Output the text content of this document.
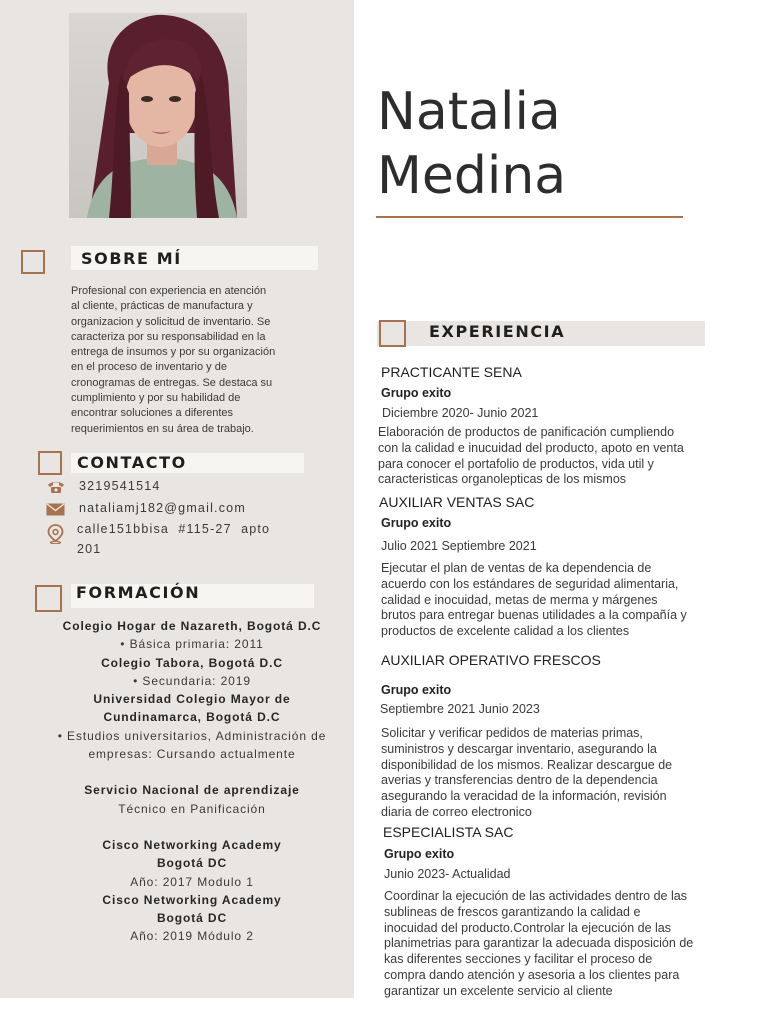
SOBRE MÍ
Profesional con experiencia en atención
al cliente, prácticas de manufactura y
organizacion y solicitud de inventario. Se
caracteriza por su responsabilidad en la
entrega de insumos y por su organización
en el proceso de inventario y de
cronogramas de entregas. Se destaca su
cumplimiento y por su habilidad de
encontrar soluciones a diferentes
requerimientos en su área de trabajo.
CONTACTO
3219541514
nataliamj182@gmail.com
calle151bbisa  #115-27  apto
201
FORMACIÓN
Colegio Hogar de Nazareth, Bogotá D.C
• Básica primaria: 2011
Colegio Tabora, Bogotá D.C
• Secundaria: 2019
Universidad Colegio Mayor de
Cundinamarca, Bogotá D.C
• Estudios universitarios, Administración de
empresas: Cursando actualmente
Servicio Nacional de aprendizaje
Técnico en Panificación
Cisco Networking Academy
Bogotá DC
Año: 2017 Modulo 1
Cisco Networking Academy
Bogotá DC
Año: 2019 Módulo 2
Natalia
Medina
EXPERIENCIA
PRACTICANTE SENA
Grupo exito
Diciembre 2020- Junio 2021
Elaboración de productos de panificación cumpliendo
con la calidad e inucuidad del producto, apoto en venta
para conocer el portafolio de productos, vida util y
caracteristicas organolepticas de los mismos
AUXILIAR VENTAS SAC
Grupo exito
Julio 2021 Septiembre 2021
Ejecutar el plan de ventas de ka dependencia de
acuerdo con los estándares de seguridad alimentaria,
calidad e inocuidad, metas de merma y márgenes
brutos para entregar buenas utilidades a la compañía y
productos de excelente calidad a los clientes
AUXILIAR OPERATIVO FRESCOS
Grupo exito
Septiembre 2021 Junio 2023
Solicitar y verificar pedidos de materias primas,
suministros y descargar inventario, asegurando la
disponibilidad de los mismos. Realizar descargue de
averias y transferencias dentro de la dependencia
asegurando la veracidad de la información, revisión
diaria de correo electronico
ESPECIALISTA SAC
Grupo exito
Junio 2023- Actualidad
Coordinar la ejecución de las actividades dentro de las
sublineas de frescos garantizando la calidad e
inocuidad del producto.Controlar la ejecución de las
planimetrias para garantizar la adecuada disposición de
kas diferentes secciones y facilitar el proceso de
compra dando atención y asesoria a los clientes para
garantizar un excelente servicio al cliente
